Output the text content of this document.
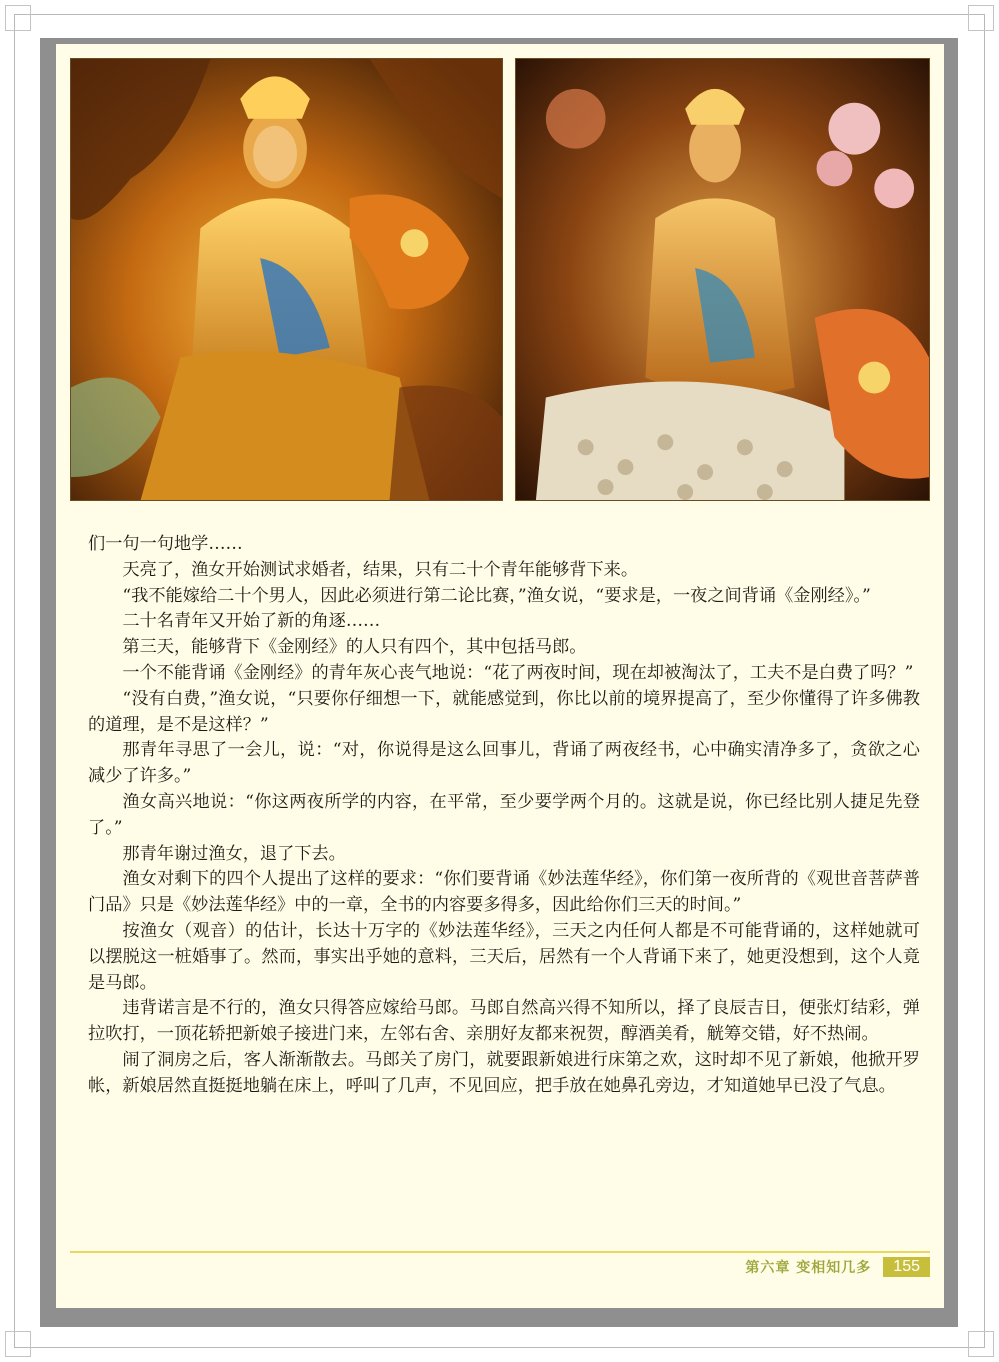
们一句一句地学……

天亮了，渔女开始测试求婚者，结果，只有二十个青年能够背下来。

“我不能嫁给二十个男人，因此必须进行第二论比赛，”渔女说，“要求是，一夜之间背诵《金刚经》。”

二十名青年又开始了新的角逐……

第三天，能够背下《金刚经》的人只有四个，其中包括马郎。

一个不能背诵《金刚经》的青年灰心丧气地说：“花了两夜时间，现在却被淘汰了，工夫不是白费了吗？”

“没有白费，”渔女说，“只要你仔细想一下，就能感觉到，你比以前的境界提高了，至少你懂得了许多佛教的道理，是不是这样？”

那青年寻思了一会儿，说：“对，你说得是这么回事儿，背诵了两夜经书，心中确实清净多了，贪欲之心减少了许多。”

渔女高兴地说：“你这两夜所学的内容，在平常，至少要学两个月的。这就是说，你已经比别人捷足先登了。”

那青年谢过渔女，退了下去。

渔女对剩下的四个人提出了这样的要求：“你们要背诵《妙法莲华经》，你们第一夜所背的《观世音菩萨普门品》只是《妙法莲华经》中的一章，全书的内容要多得多，因此给你们三天的时间。”

按渔女（观音）的估计，长达十万字的《妙法莲华经》，三天之内任何人都是不可能背诵的，这样她就可以摆脱这一桩婚事了。然而，事实出乎她的意料，三天后，居然有一个人背诵下来了，她更没想到，这个人竟是马郎。

违背诺言是不行的，渔女只得答应嫁给马郎。马郎自然高兴得不知所以，择了良辰吉日，便张灯结彩，弹拉吹打，一顶花轿把新娘子接进门来，左邻右舍、亲朋好友都来祝贺，醇酒美肴，觥筹交错，好不热闹。

闹了洞房之后，客人渐渐散去。马郎关了房门，就要跟新娘进行床第之欢，这时却不见了新娘，他掀开罗帐，新娘居然直挺挺地躺在床上，呼叫了几声，不见回应，把手放在她鼻孔旁边，才知道她早已没了气息。

第六章 变相知几多	155
